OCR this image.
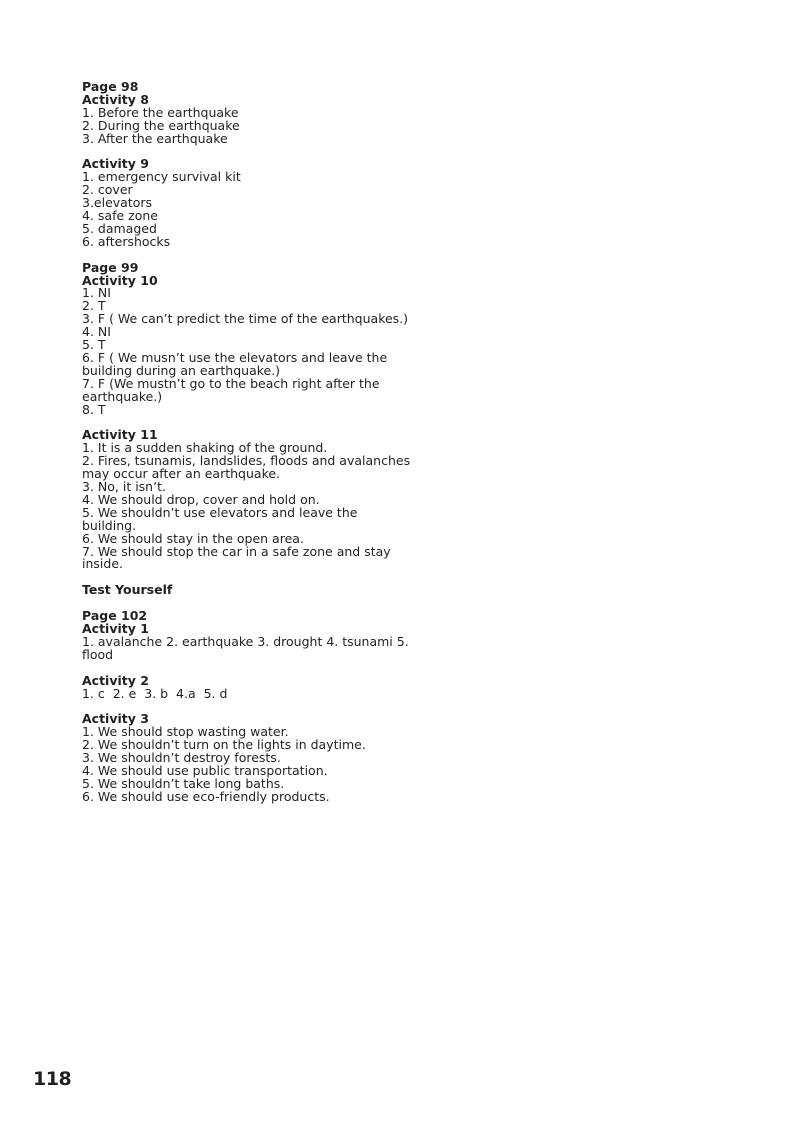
Page 98
Activity 8
1. Before the earthquake
2. During the earthquake
3. After the earthquake
Activity 9
1. emergency survival kit
2. cover
3.elevators
4. safe zone
5. damaged
6. aftershocks
Page 99
Activity 10
1. NI
2. T
3. F ( We can’t predict the time of the earthquakes.)
4. NI
5. T
6. F ( We musn’t use the elevators and leave the building during an earthquake.)
7. F (We mustn’t go to the beach right after the earthquake.)
8. T
Activity 11
1. It is a sudden shaking of the ground.
2. Fires, tsunamis, landslides, floods and avalanches may occur after an earthquake.
3. No, it isn’t.
4. We should drop, cover and hold on.
5. We shouldn’t use elevators and leave the building.
6. We should stay in the open area.
7. We should stop the car in a safe zone and stay inside.
Test Yourself
Page 102
Activity 1
1. avalanche 2. earthquake 3. drought 4. tsunami 5. flood
Activity 2
1. c  2. e  3. b  4.a  5. d
Activity 3
1. We should stop wasting water.
2. We shouldn’t turn on the lights in daytime.
3. We shouldn’t destroy forests.
4. We should use public transportation.
5. We shouldn’t take long baths.
6. We should use eco-friendly products.
118
